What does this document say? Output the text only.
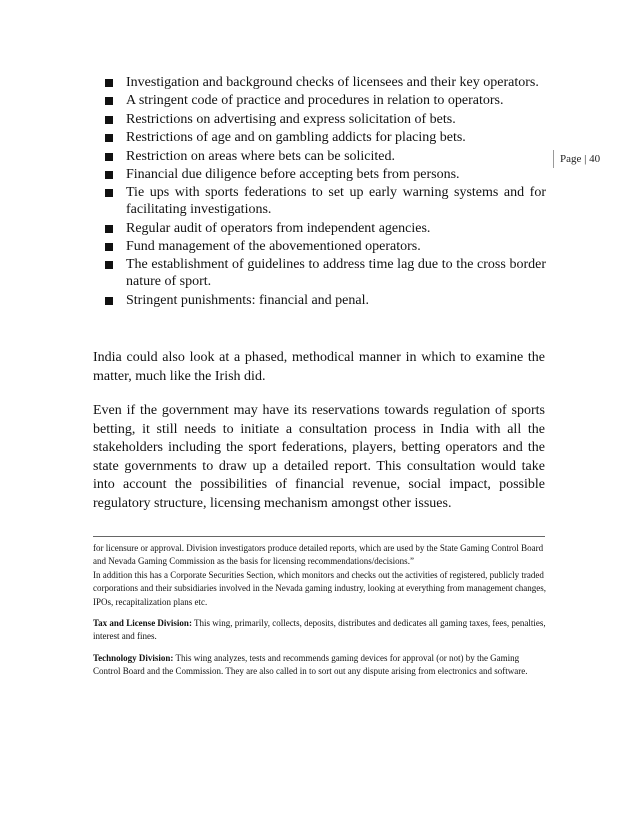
Page | 40
Investigation and background checks of licensees and their key operators.
A stringent code of practice and procedures in relation to operators.
Restrictions on advertising and express solicitation of bets.
Restrictions of age and on gambling addicts for placing bets.
Restriction on areas where bets can be solicited.
Financial due diligence before accepting bets from persons.
Tie ups with sports federations to set up early warning systems and for facilitating investigations.
Regular audit of operators from independent agencies.
Fund management of the abovementioned operators.
The establishment of guidelines to address time lag due to the cross border nature of sport.
Stringent punishments: financial and penal.

India could also look at a phased, methodical manner in which to examine the matter, much like the Irish did.

Even if the government may have its reservations towards regulation of sports betting, it still needs to initiate a consultation process in India with all the stakeholders including the sport federations, players, betting operators and the state governments to draw up a detailed report. This consultation would take into account the possibilities of financial revenue, social impact, possible regulatory structure, licensing mechanism amongst other issues.

for licensure or approval. Division investigators produce detailed reports, which are used by the State Gaming Control Board and Nevada Gaming Commission as the basis for licensing recommendations/decisions.”

In addition this has a Corporate Securities Section, which monitors and checks out the activities of registered, publicly traded corporations and their subsidiaries involved in the Nevada gaming industry, looking at everything from management changes, IPOs, recapitalization plans etc.

Tax and License Division: This wing, primarily, collects, deposits, distributes and dedicates all gaming taxes, fees, penalties, interest and fines.

Technology Division: This wing analyzes, tests and recommends gaming devices for approval (or not) by the Gaming Control Board and the Commission. They are also called in to sort out any dispute arising from electronics and software.
